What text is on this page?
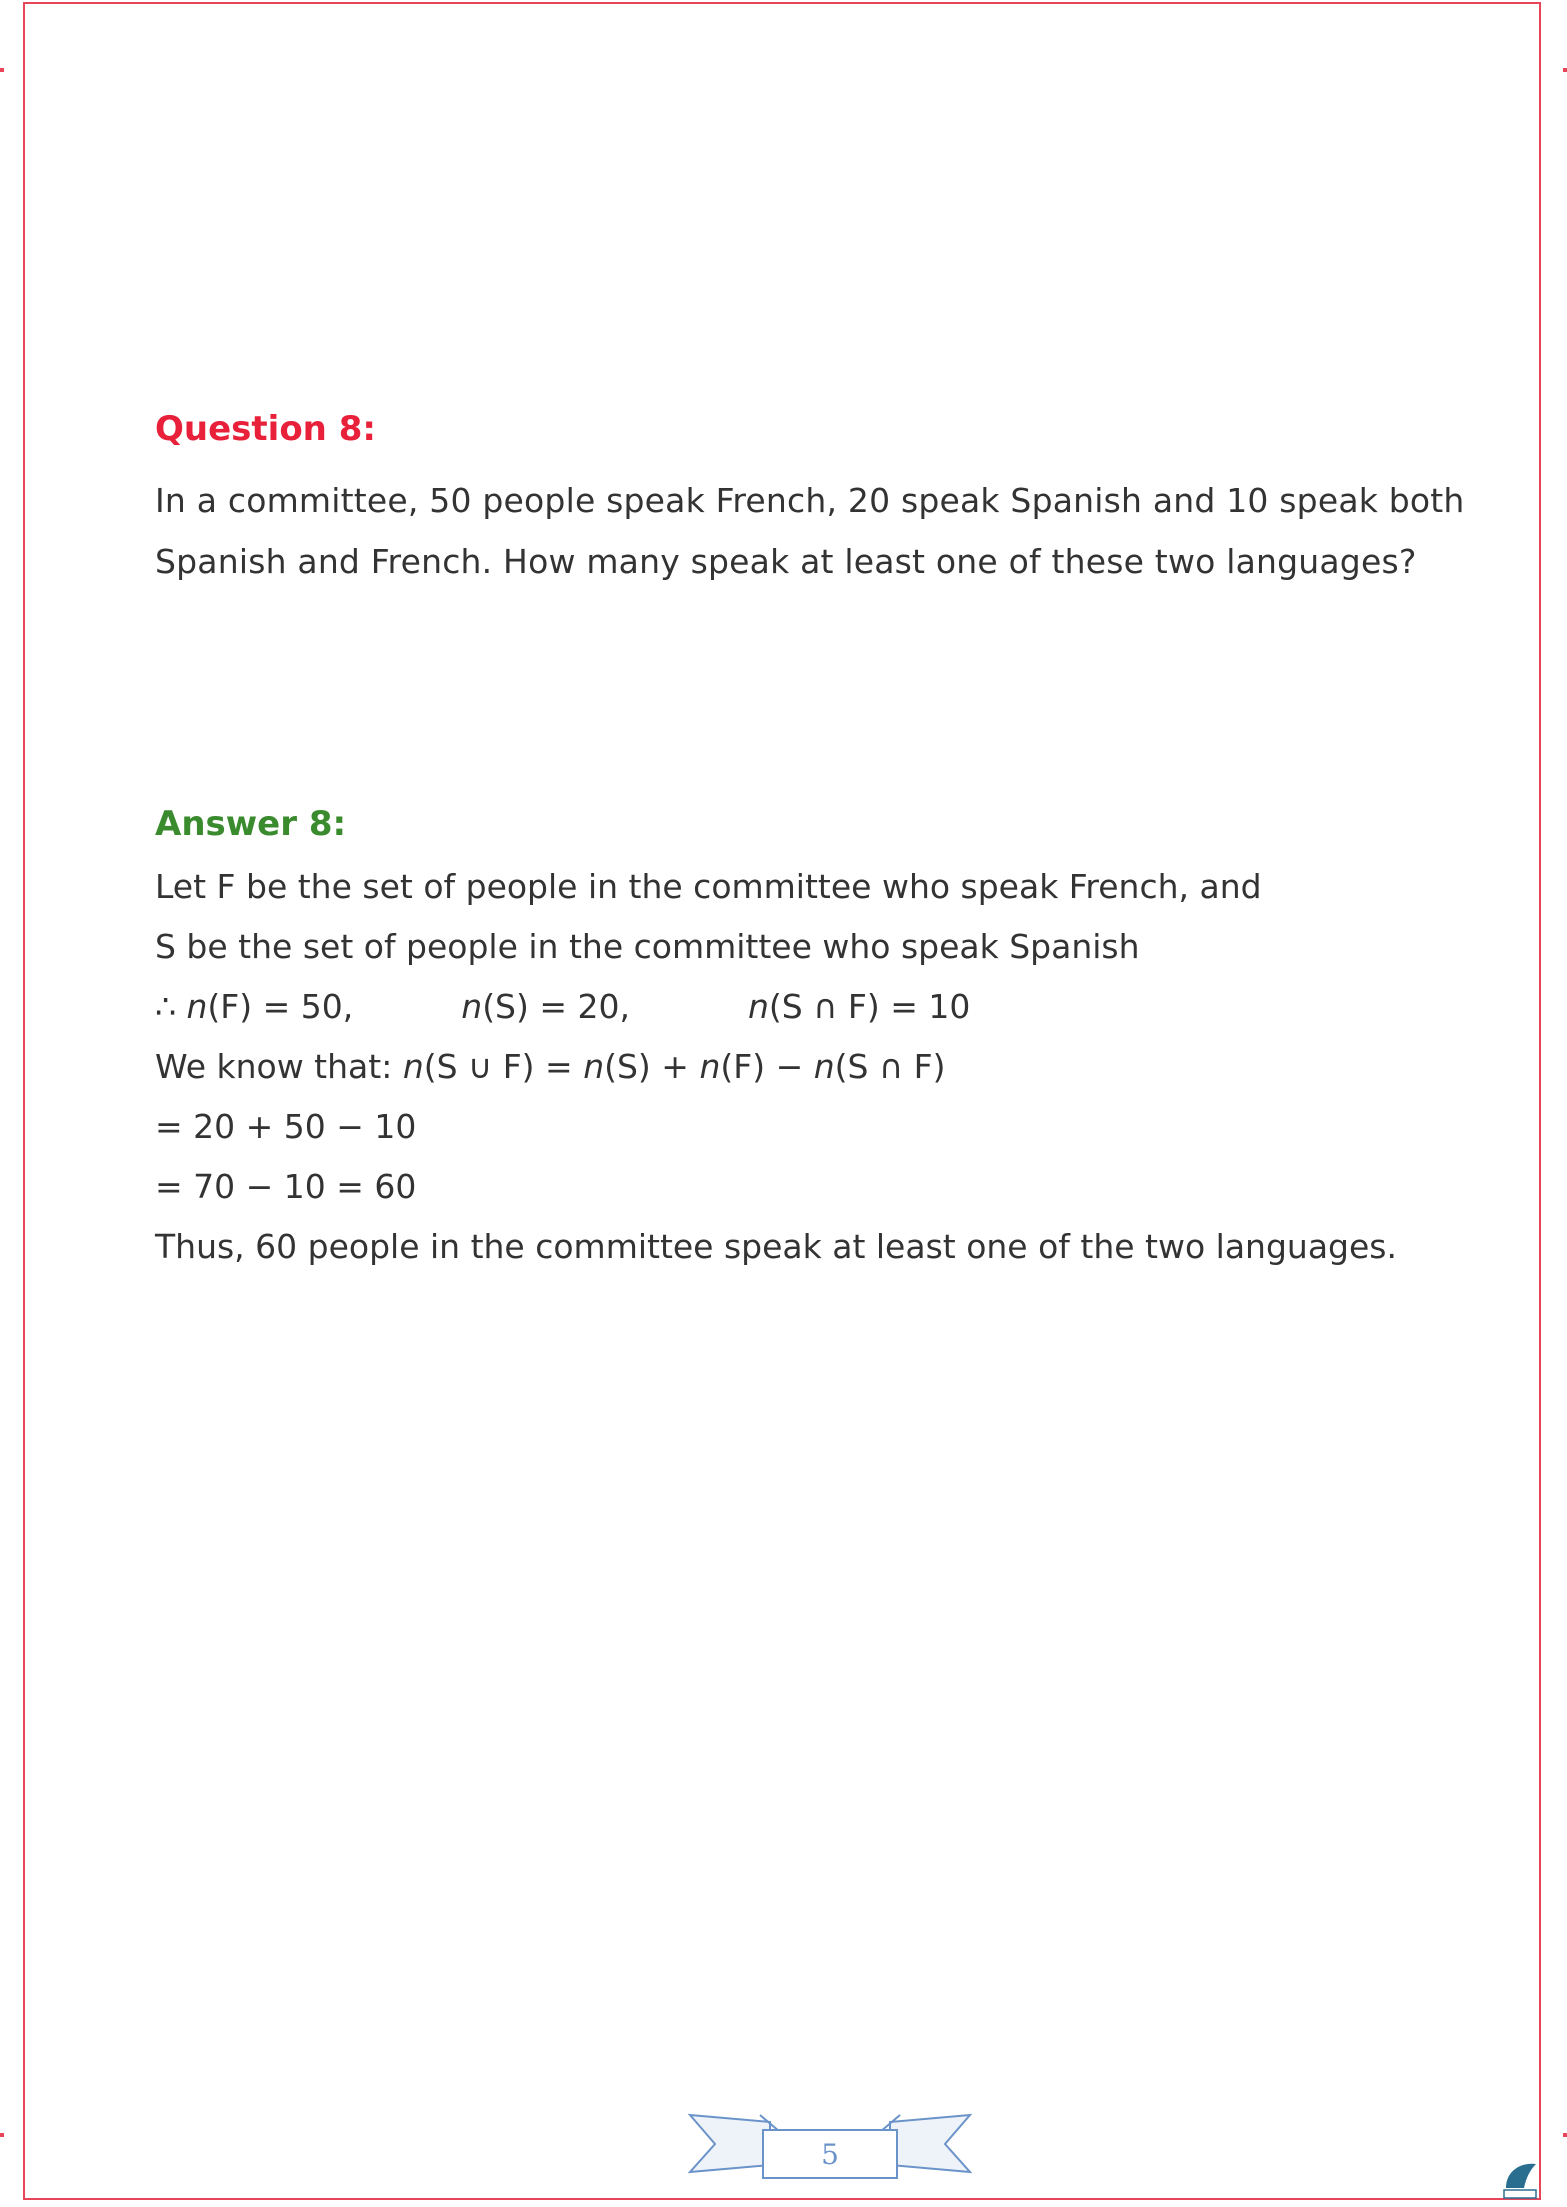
Question 8:

In a committee, 50 people speak French, 20 speak Spanish and 10 speak both

Spanish and French. How many speak at least one of these two languages?

Answer 8:

Let F be the set of people in the committee who speak French, and

S be the set of people in the committee who speak Spanish

∴ n(F) = 50,	n(S) = 20,	n(S ∩ F) = 10

We know that: n(S ∪ F) = n(S) + n(F) − n(S ∩ F)

= 20 + 50 − 10

= 70 − 10 = 60

Thus, 60 people in the committee speak at least one of the two languages.

5
